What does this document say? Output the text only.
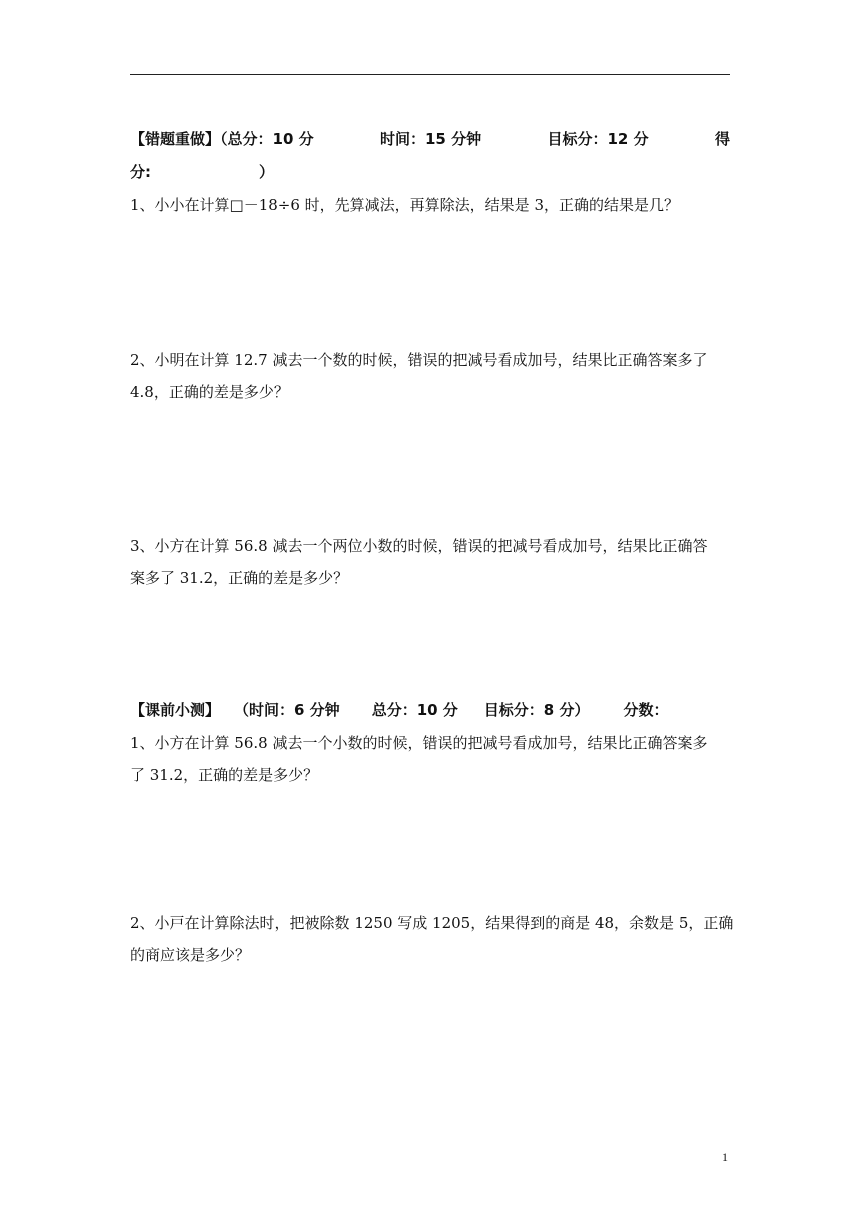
【错题重做】（总分：10 分	时间：15 分钟	目标分：12 分	得
分:	）
1、小小在计算□－18÷6 时，先算减法，再算除法，结果是 3，正确的结果是几？
2、小明在计算 12.7 减去一个数的时候，错误的把减号看成加号，结果比正确答案多了
4.8，正确的差是多少？
3、小方在计算 56.8 减去一个两位小数的时候，错误的把减号看成加号，结果比正确答
案多了 31.2，正确的差是多少？
【课前小测】 （时间：6 分钟 总分：10 分 目标分：8 分） 分数：
1、小方在计算 56.8 减去一个小数的时候，错误的把减号看成加号，结果比正确答案多
了 31.2，正确的差是多少？
2、小戸在计算除法时，把被除数 1250 写成 1205，结果得到的商是 48，余数是 5，正确
的商应该是多少？
1
